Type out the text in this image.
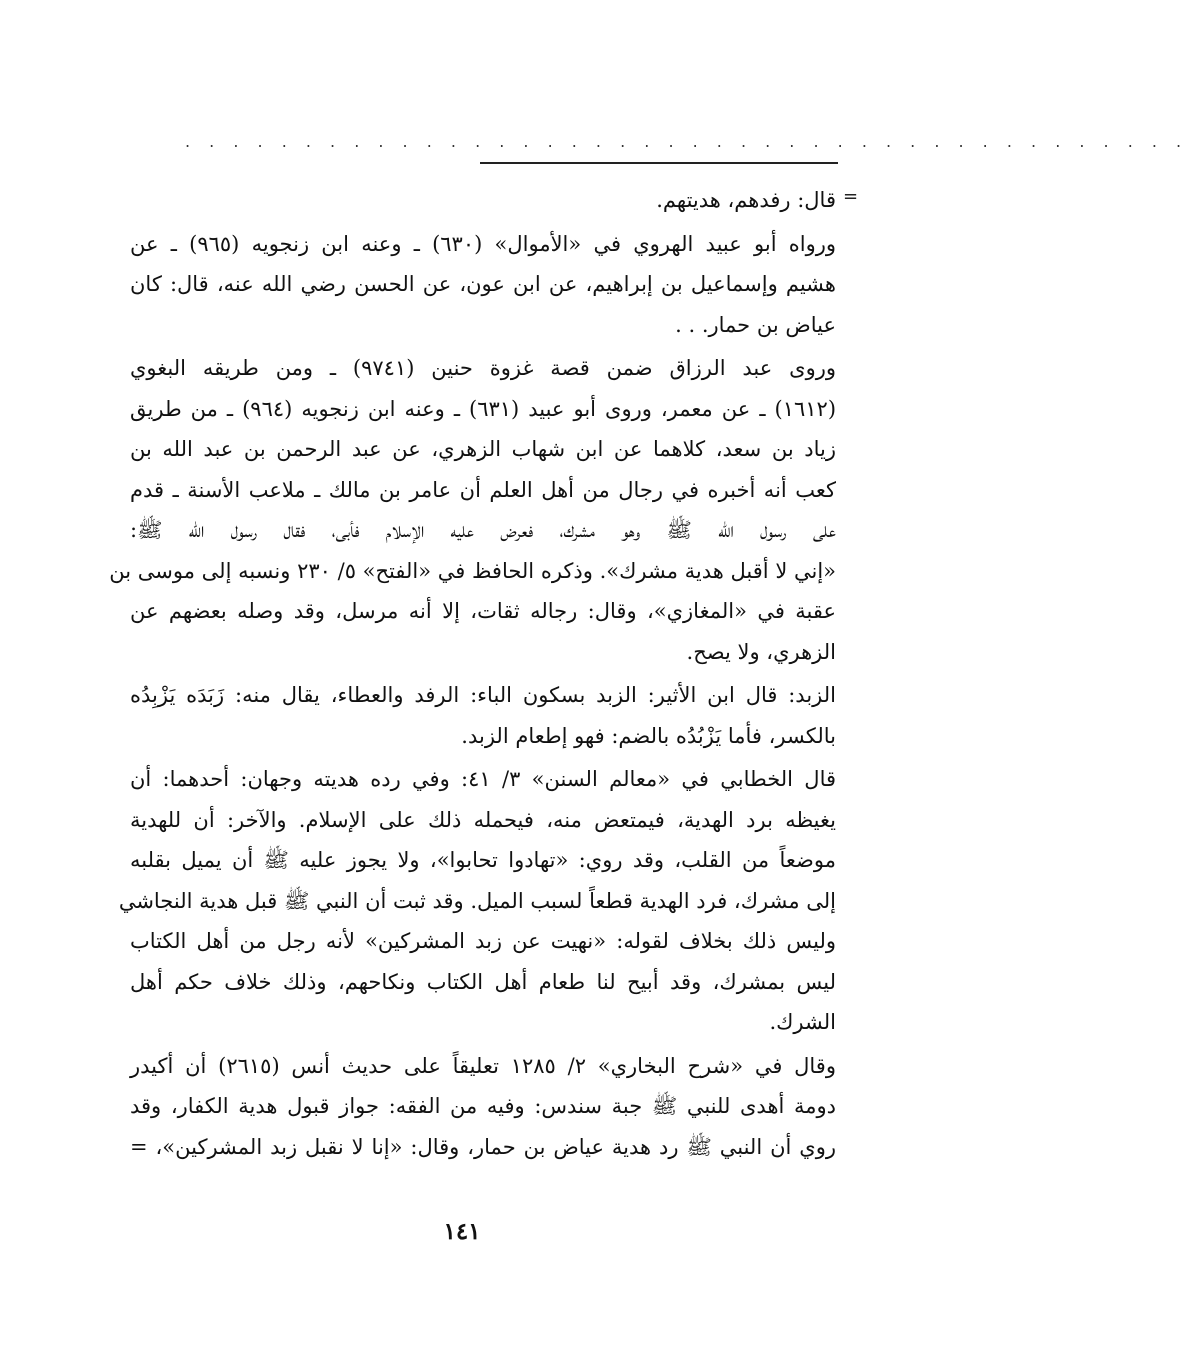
. . . . . . . . . . . . . . . . . . . . . . . . . . . . . . . . . . . . . . . . . .
=

قال: رفدهم، هديتهم.

ورواه أبو عبيد الهروي في «الأموال» (٦٣٠) ـ وعنه ابن زنجويه (٩٦٥) ـ عن
هشيم وإسماعيل بن إبراهيم، عن ابن عون، عن الحسن رضي الله عنه، قال: كان
عياض بن حمار. . .

وروى عبد الرزاق ضمن قصة غزوة حنين (٩٧٤١) ـ ومن طريقه البغوي
(١٦١٢) ـ عن معمر، وروى أبو عبيد (٦٣١) ـ وعنه ابن زنجويه (٩٦٤) ـ من طريق
زياد بن سعد، كلاهما عن ابن شهاب الزهري، عن عبد الرحمن بن عبد الله بن
كعب أنه أخبره في رجال من أهل العلم أن عامر بن مالك ـ ملاعب الأسنة ـ قدم
على رسول الله ﷺ وهو مشرك، فعرض عليه الإسلام فأبى، فقال رسول الله ﷺ:
«إني لا أقبل هدية مشرك». وذكره الحافظ في «الفتح» ٥/ ٢٣٠ ونسبه إلى موسى بن
عقبة في «المغازي»، وقال: رجاله ثقات، إلا أنه مرسل، وقد وصله بعضهم عن
الزهري، ولا يصح.

الزبد: قال ابن الأثير: الزبد بسكون الباء: الرفد والعطاء، يقال منه: زَبَدَه يَزْبِدُه
بالكسر، فأما يَزْبُدُه بالضم: فهو إطعام الزبد.

قال الخطابي في «معالم السنن» ٣/ ٤١: وفي رده هديته وجهان: أحدهما: أن
يغيظه برد الهدية، فيمتعض منه، فيحمله ذلك على الإسلام. والآخر: أن للهدية
موضعاً من القلب، وقد روي: «تهادوا تحابوا»، ولا يجوز عليه ﷺ أن يميل بقلبه
إلى مشرك، فرد الهدية قطعاً لسبب الميل. وقد ثبت أن النبي ﷺ قبل هدية النجاشي
وليس ذلك بخلاف لقوله: «نهيت عن زبد المشركين» لأنه رجل من أهل الكتاب
ليس بمشرك، وقد أبيح لنا طعام أهل الكتاب ونكاحهم، وذلك خلاف حكم أهل
الشرك.

وقال في «شرح البخاري» ٢/ ١٢٨٥ تعليقاً على حديث أنس (٢٦١٥) أن أكيدر
دومة أهدى للنبي ﷺ جبة سندس: وفيه من الفقه: جواز قبول هدية الكفار، وقد
روي أن النبي ﷺ رد هدية عياض بن حمار، وقال: «إنا لا نقبل زبد المشركين»، =

١٤١
